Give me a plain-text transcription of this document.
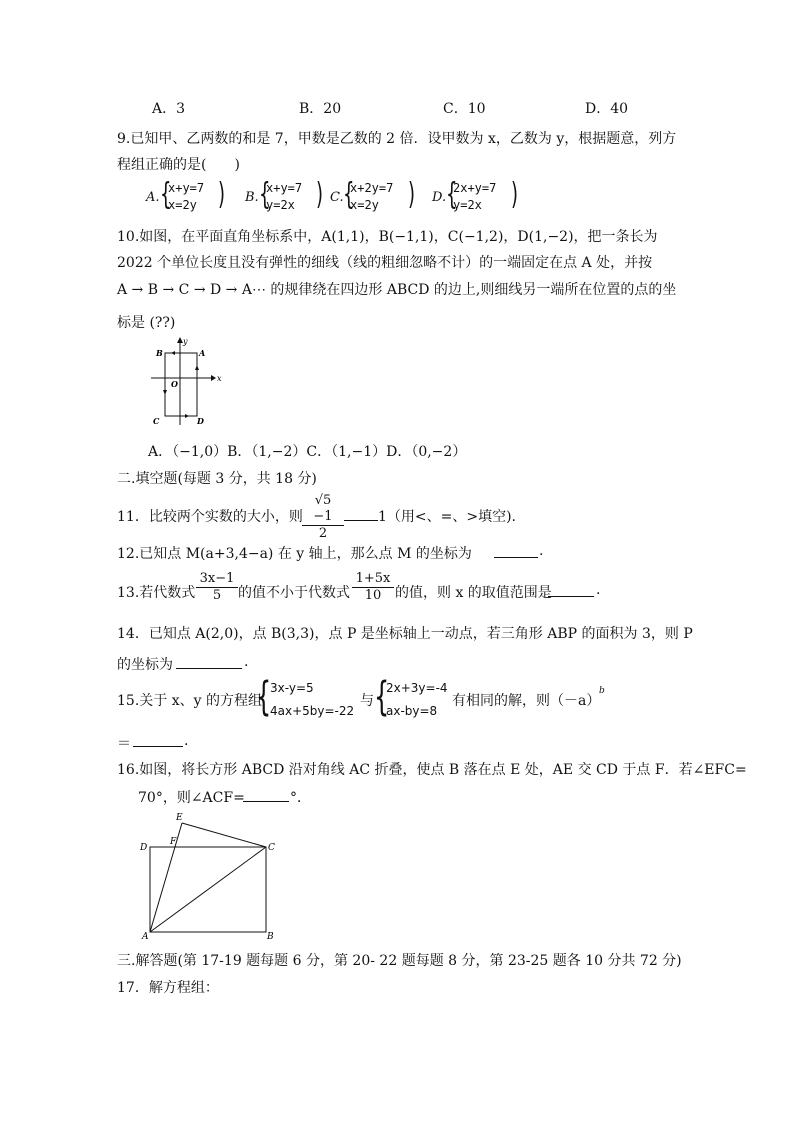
A．3	B．20	C．10	D．40
9.已知甲、乙两数的和是 7，甲数是乙数的 2 倍．设甲数为 x，乙数为 y，根据题意，列方
程组正确的是(　　)
A. {
x+y=7
x=2y ) B. {
x+y=7
y=2x ) C. {
x+2y=7
x=2y ) D. {
2x+y=7
y=2x )
10.如图，在平面直角坐标系中，A(1,1)，B(−1,1)，C(−1,2)，D(1,−2)，把一条长为
2022 个单位长度且没有弹性的细线（线的粗细忽略不计）的一端固定在点 A 处，并按
A → B → C → D → A⋯ 的规律绕在四边形 ABCD 的边上,则细线另一端所在位置的点的坐
标是 (??)
y
x
O
A
B
C	D
A．（−1,0）B．（1,−2）C．（1,−1）D．（0,−2）
二.填空题(每题 3 分，共 18 分)
11．比较两个实数的大小，则 $\frac{√5 -1}{2} 1$（用<、=、>填空).
12.已知点 M(a+3,4−a) 在 y 轴上，那么点 M 的坐标为	.
13.若代数式 $\frac{3x-1}{5}$ 的值不小于代数式 $\frac{1+5x}{10}$ 的值，则 x 的取值范围是	.
14．已知点 A(2,0)，点 B(3,3)，点 P 是坐标轴上一动点，若三角形 ABP 的面积为 3，则 P
的坐标为	.
15.关于 x、y 的方程组
{
3x-y=5
4ax+5by=-22
与 {
2x+3y=-4
ax-by=8
有相同的解，则（－a）
b
＝	.
16.如图，将长方形 ABCD 沿对角线 AC 折叠，使点 B 落在点 E 处，AE 交 CD 于点 F．若∠EFC=
70°，则∠ACF=	°．
E
F
D	C
A	B
三.解答题(第 17-19 题每题 6 分，第 20- 22 题每题 8 分，第 23-25 题各 10 分共 72 分)
17．解方程组：
